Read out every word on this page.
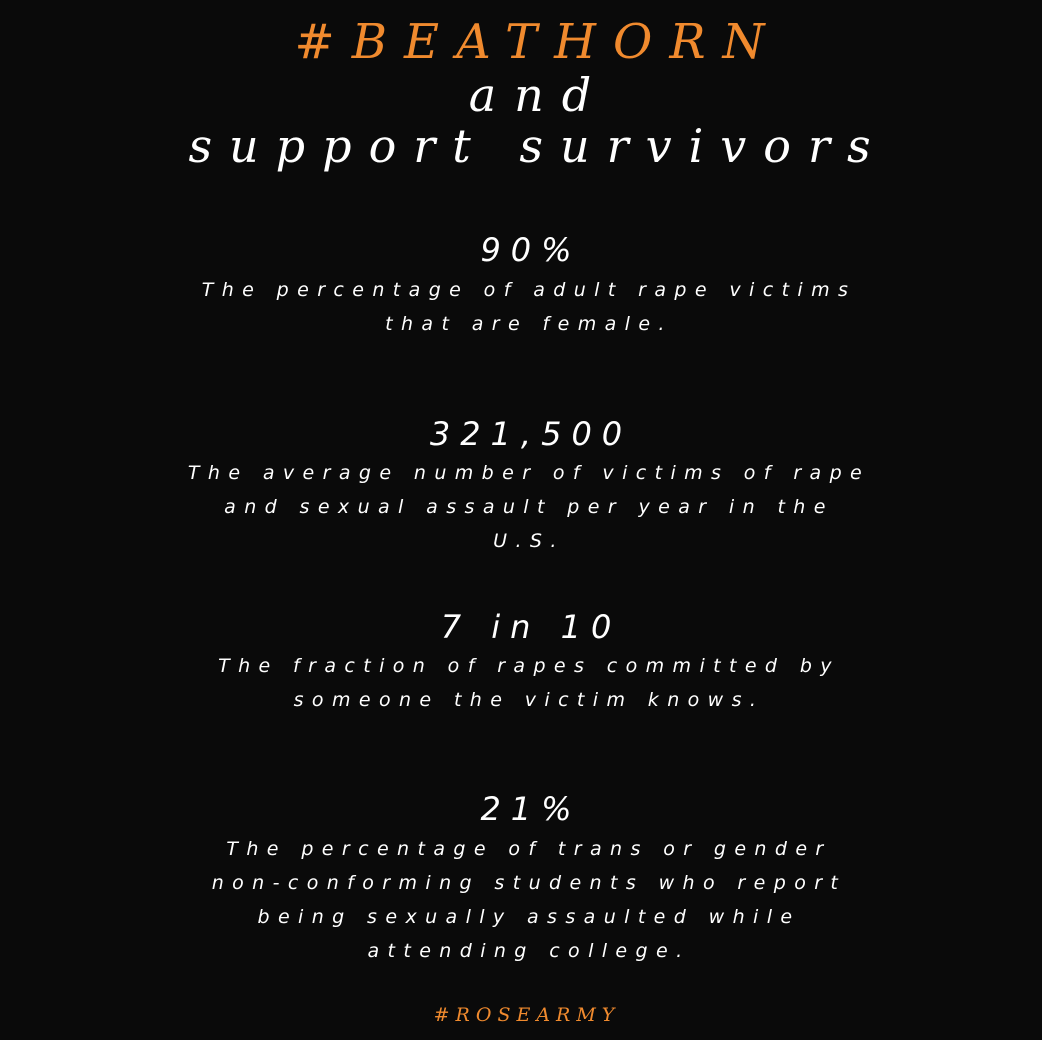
#BEATHORN
and
support survivors
90%
The percentage of adult rape victims
that are female.
321,500
The average number of victims of rape
and sexual assault per year in the
U.S.
7 in 10
The fraction of rapes committed by
someone the victim knows.
21%
The percentage of trans or gender
non-conforming students who report
being sexually assaulted while
attending college.
#ROSEARMY
